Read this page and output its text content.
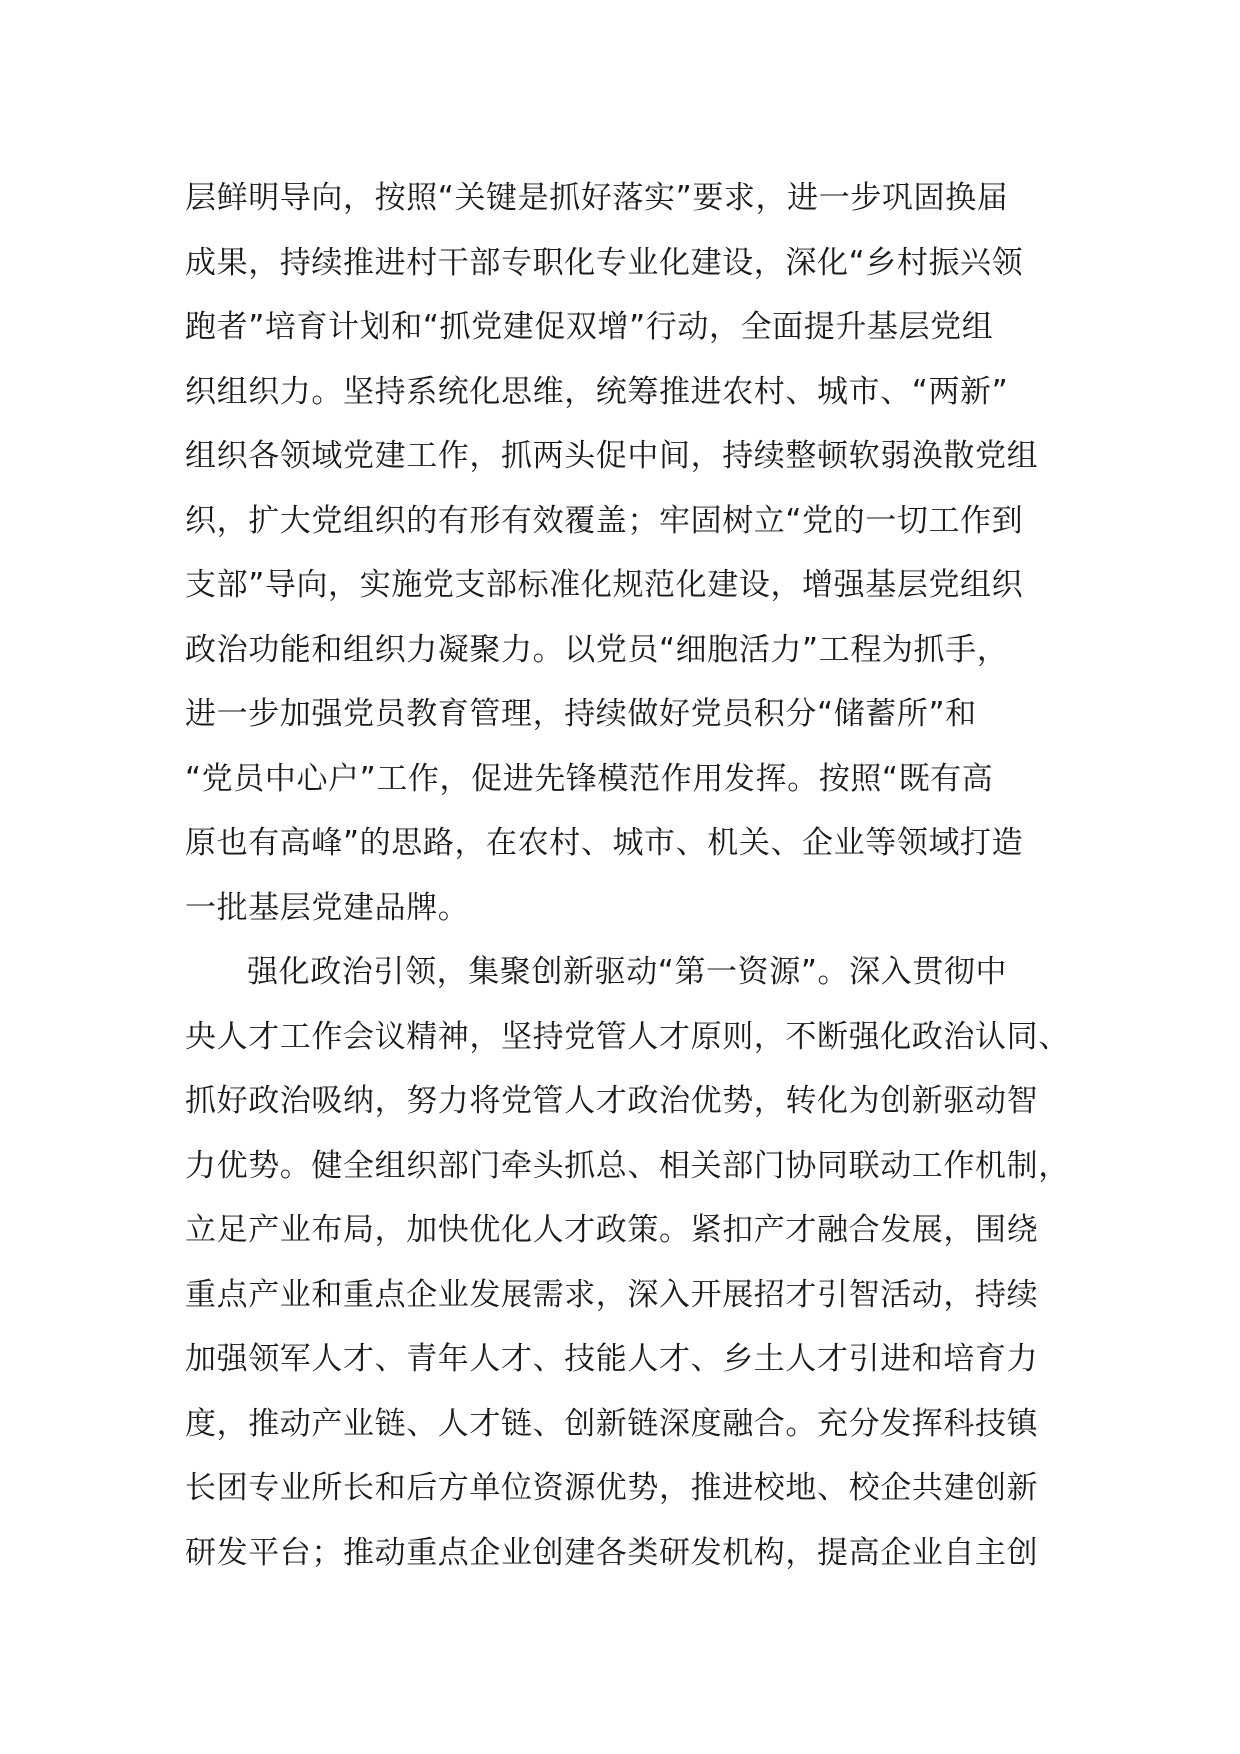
层鲜明导向，按照“关键是抓好落实”要求，进一步巩固换届
成果，持续推进村干部专职化专业化建设，深化“乡村振兴领
跑者”培育计划和“抓党建促双增”行动，全面提升基层党组
织组织力。坚持系统化思维，统筹推进农村、城市、“两新”
组织各领域党建工作，抓两头促中间，持续整顿软弱涣散党组
织，扩大党组织的有形有效覆盖；牢固树立“党的一切工作到
支部”导向，实施党支部标准化规范化建设，增强基层党组织
政治功能和组织力凝聚力。以党员“细胞活力”工程为抓手，
进一步加强党员教育管理，持续做好党员积分“储蓄所”和
“党员中心户”工作，促进先锋模范作用发挥。按照“既有高
原也有高峰”的思路，在农村、城市、机关、企业等领域打造
一批基层党建品牌。
强化政治引领，集聚创新驱动“第一资源”。深入贯彻中
央人才工作会议精神，坚持党管人才原则，不断强化政治认同、
抓好政治吸纳，努力将党管人才政治优势，转化为创新驱动智
力优势。健全组织部门牵头抓总、相关部门协同联动工作机制，
立足产业布局，加快优化人才政策。紧扣产才融合发展，围绕
重点产业和重点企业发展需求，深入开展招才引智活动，持续
加强领军人才、青年人才、技能人才、乡土人才引进和培育力
度，推动产业链、人才链、创新链深度融合。充分发挥科技镇
长团专业所长和后方单位资源优势，推进校地、校企共建创新
研发平台；推动重点企业创建各类研发机构，提高企业自主创
